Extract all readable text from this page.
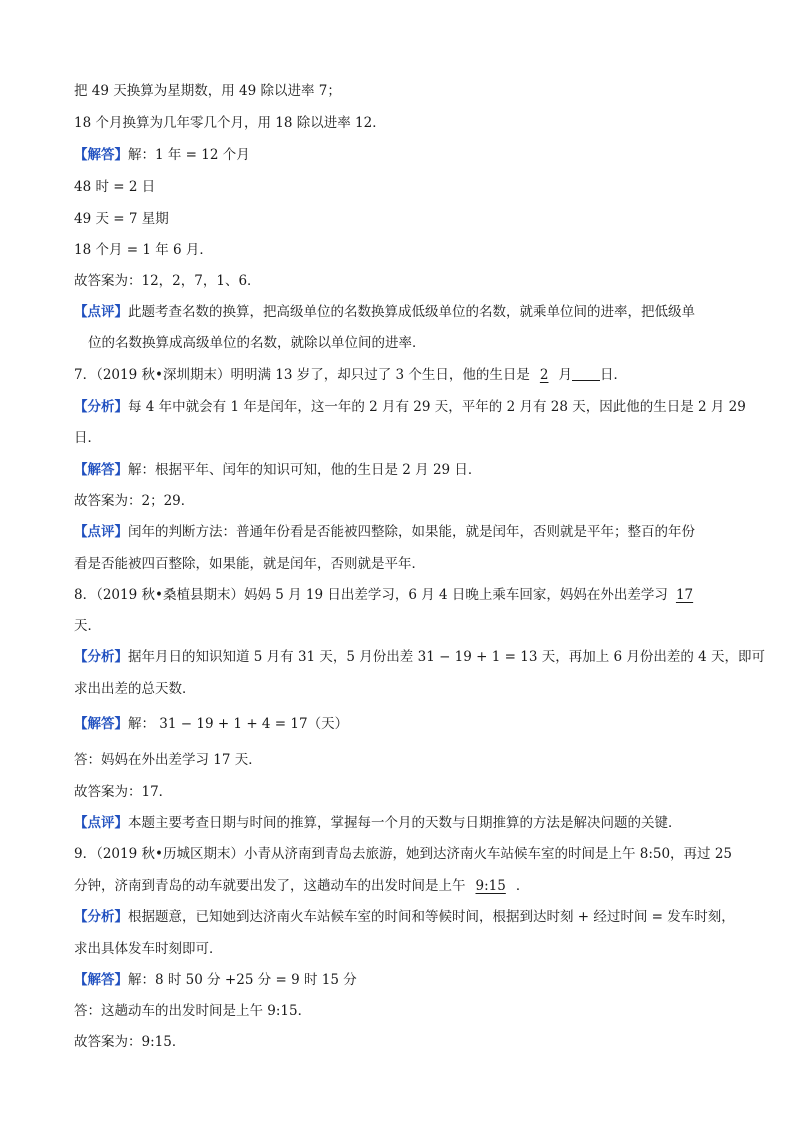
把 49 天换算为星期数，用 49 除以进率 7；
18 个月换算为几年零几个月，用 18 除以进率 12．
【解答】解：1 年 = 12 个月
48 时 = 2 日
49 天 = 7 星期
18 个月 = 1 年 6 月．
故答案为：12，2，7，1、6．
【点评】此题考查名数的换算，把高级单位的名数换算成低级单位的名数，就乘单位间的进率，把低级单
位的名数换算成高级单位的名数，就除以单位间的进率．
7．（2019 秋•深圳期末）明明满 13 岁了，却只过了 3 个生日，他的生日是 2 月 日．
【分析】每 4 年中就会有 1 年是闰年，这一年的 2 月有 29 天，平年的 2 月有 28 天，因此他的生日是 2 月 29
日．
【解答】解：根据平年、闰年的知识可知，他的生日是 2 月 29 日．
故答案为：2；29．
【点评】闰年的判断方法：普通年份看是否能被四整除，如果能，就是闰年，否则就是平年；整百的年份
看是否能被四百整除，如果能，就是闰年，否则就是平年．
8．（2019 秋•桑植县期末）妈妈 5 月 19 日出差学习，6 月 4 日晚上乘车回家，妈妈在外出差学习 17
天．
【分析】据年月日的知识知道 5 月有 31 天，5 月份出差 31 − 19 + 1 = 13 天，再加上 6 月份出差的 4 天，即可
求出出差的总天数．
【解答】解： 31 − 19 + 1 + 4 = 17（天）
答：妈妈在外出差学习 17 天．
故答案为：17．
【点评】本题主要考查日期与时间的推算，掌握每一个月的天数与日期推算的方法是解决问题的关键．
9．（2019 秋•历城区期末）小青从济南到青岛去旅游，她到达济南火车站候车室的时间是上午 8:50，再过 25
分钟，济南到青岛的动车就要出发了，这趟动车的出发时间是上午 9:15 ．
【分析】根据题意，已知她到达济南火车站候车室的时间和等候时间，根据到达时刻 + 经过时间 = 发车时刻，
求出具体发车时刻即可．
【解答】解：8 时 50 分 +25 分 = 9 时 15 分
答：这趟动车的出发时间是上午 9:15．
故答案为：9:15．
